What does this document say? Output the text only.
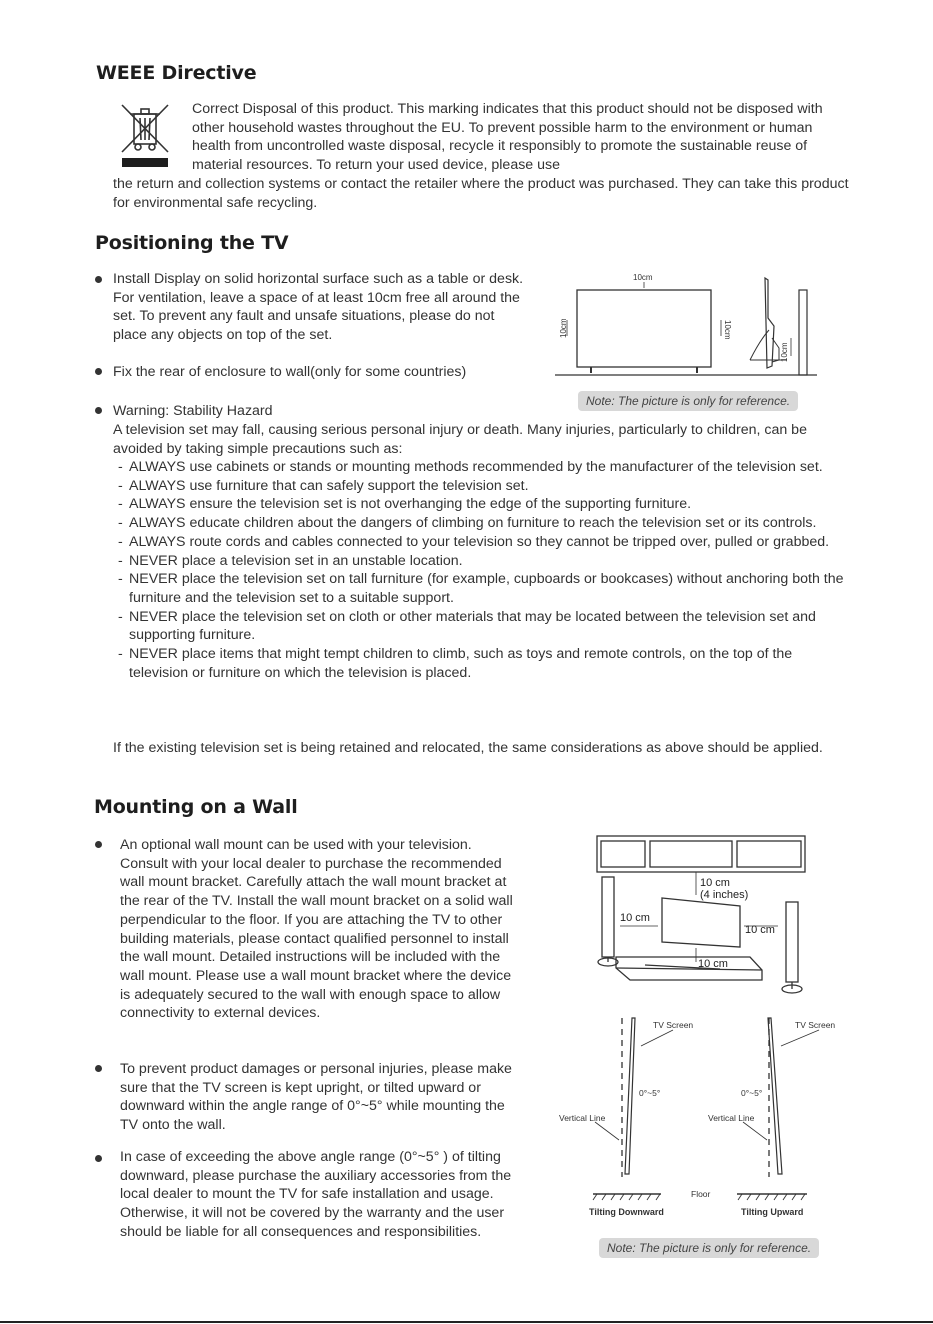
WEEE Directive
Correct Disposal of this product. This marking indicates that this product should not be disposed with other household wastes throughout the EU. To prevent possible harm to the environment or human health from uncontrolled waste disposal, recycle it responsibly to promote the sustainable reuse of material resources. To return your used device, please use
the return and collection systems or contact the retailer where the product was purchased. They can take this product for environmental safe recycling.
Positioning the TV
Install Display on solid horizontal surface such as a table or desk. For ventilation, leave a space of at least 10cm free all around the set. To prevent any fault and unsafe situations, please do not place any objects on top of the set.
Fix the rear of enclosure to wall(only for some countries)
10cm
10cm	10cm
10cm
Note: The picture is only for reference.
Warning: Stability Hazard
A television set may fall, causing serious personal injury or death. Many injuries, particularly to children, can be avoided by taking simple precautions such as:
- ALWAYS use cabinets or stands or mounting methods recommended by the manufacturer of the television set.
- ALWAYS use furniture that can safely support the television set.
- ALWAYS ensure the television set is not overhanging the edge of the supporting furniture.
- ALWAYS educate children about the dangers of climbing on furniture to reach the television set or its controls.
- ALWAYS route cords and cables connected to your television so they cannot be tripped over, pulled or grabbed.
- NEVER place a television set in an unstable location.
- NEVER place the television set on tall furniture (for example, cupboards or bookcases) without anchoring both the furniture and the television set to a suitable support.
- NEVER place the television set on cloth or other materials that may be located between the television set and supporting furniture.
- NEVER place items that might tempt children to climb, such as toys and remote controls, on the top of the television or furniture on which the television is placed.
If the existing television set is being retained and relocated, the same considerations as above should be applied.
Mounting on a Wall
An optional wall mount can be used with your television. Consult with your local dealer to purchase the recommended wall mount bracket. Carefully attach the wall mount bracket at the rear of the TV. Install the wall mount bracket on a solid wall perpendicular to the floor. If you are attaching the TV to other building materials, please contact qualified personnel to install the wall mount. Detailed instructions will be included with the wall mount. Please use a wall mount bracket where the device is adequately secured to the wall with enough space to allow connectivity to external devices.
To prevent product damages or personal injuries, please make sure that the TV screen is kept upright, or tilted upward or downward within the angle range of 0°~5° while mounting the TV onto the wall.
In case of exceeding the above angle range (0°~5° ) of tilting downward, please purchase the auxiliary accessories from the local dealer to mount the TV for safe installation and usage. Otherwise, it will not be covered by the warranty and the user should be liable for all consequences and responsibilities.
10 cm
(4 inches)
10 cm
10 cm
10 cm
TV Screen	TV Screen
0°~5°	0°~5°
Vertical Line	Vertical Line
Floor
Tilting Downward	Tilting Upward
Note: The picture is only for reference.
